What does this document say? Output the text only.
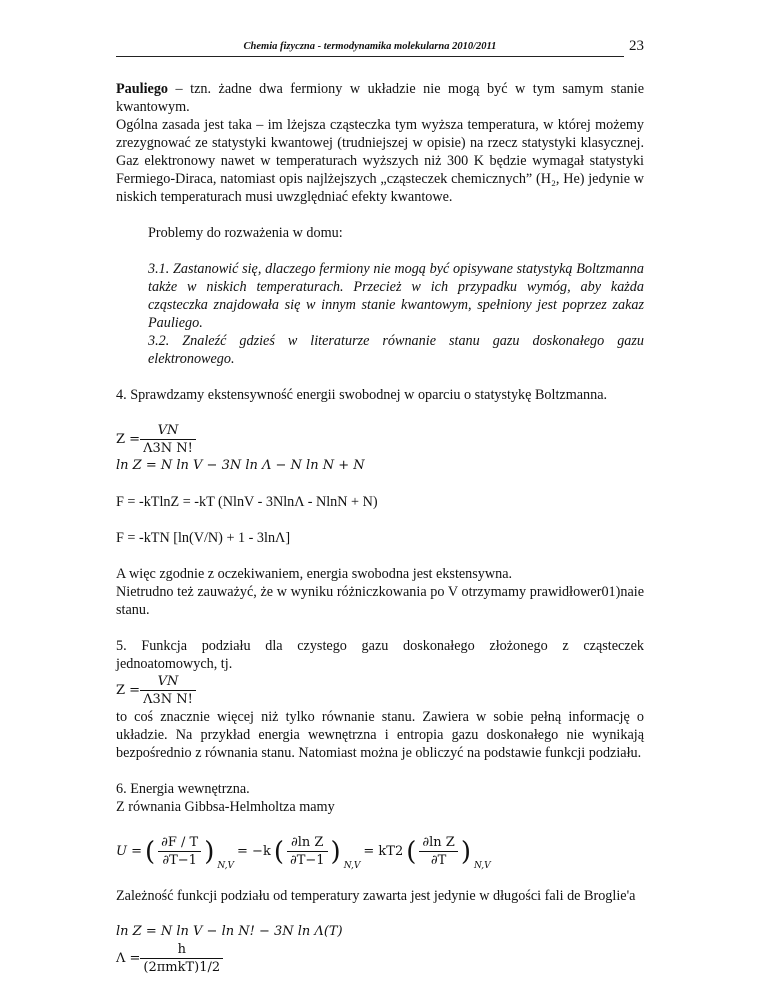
Chemia fizyczna - termodynamika molekularna 2010/2011	23

Pauliego – tzn. żadne dwa fermiony w układzie nie mogą być w tym samym stanie kwantowym.

Ogólna zasada jest taka – im lżejsza cząsteczka tym wyższa temperatura, w której możemy zrezygnować ze statystyki kwantowej (trudniejszej w opisie) na rzecz statystyki klasycznej. Gaz elektronowy nawet w temperaturach wyższych niż 300 K będzie wymagał statystyki Fermiego-Diraca, natomiast opis najlżejszych „cząsteczek chemicznych” (H₂, He) jedynie w niskich temperaturach musi uwzględniać efekty kwantowe.

Problemy do rozważenia w domu:

3.1. Zastanowić się, dlaczego fermiony nie mogą być opisywane statystyką Boltzmanna także w niskich temperaturach. Przecież w ich przypadku wymóg, aby każda cząsteczka znajdowała się w innym stanie kwantowym, spełniony jest poprzez zakaz Pauliego.

3.2. Znaleźć gdzieś w literaturze równanie stanu gazu doskonałego gazu elektronowego.

4. Sprawdzamy ekstensywność energii swobodnej w oparciu o statystykę Boltzmanna.

$Z = \frac{VN}{\text{Λ3N N!}}$

ln Z = N ln V − 3N ln Λ − N ln N + N

F = -kTlnZ = -kT (NlnV - 3NlnΛ - NlnN + N)

F = -kTN [ln(V/N) + 1 - 3lnΛ]

A więc zgodnie z oczekiwaniem, energia swobodna jest ekstensywna.

Nietrudno też zauważyć, że w wyniku różniczkowania po V otrzymamy prawidłower01)naie stanu.

5. Funkcja podziału dla czystego gazu doskonałego złożonego z cząsteczek jednoatomowych, tj.

$Z = \frac{VN}{\text{Λ3N N!}}$

to coś znacznie więcej niż tylko równanie stanu. Zawiera w sobie pełną informację o układzie. Na przykład energia wewnętrzna i entropia gazu doskonałego nie wynikają bezpośrednio z równania stanu. Natomiast można je obliczyć na podstawie funkcji podziału.

6. Energia wewnętrzna.

Z równania Gibbsa-Helmholtza mamy

U = ( $\frac{\partial F / T}{\partial T-1}$ ) N,V
= −k ( $\frac{\text{∂ln Z}}{\partial T-1}$ ) N,V
= kT2 ( $\frac{\text{∂ln Z}}{\partial T}$ ) N,V

Zależność funkcji podziału od temperatury zawarta jest jedynie w długości fali de Broglie'a

ln Z = N ln V − ln N! − 3N ln Λ(T)

$\Lambda = \frac{h}{\text{(2πmkT)1/2}}$
